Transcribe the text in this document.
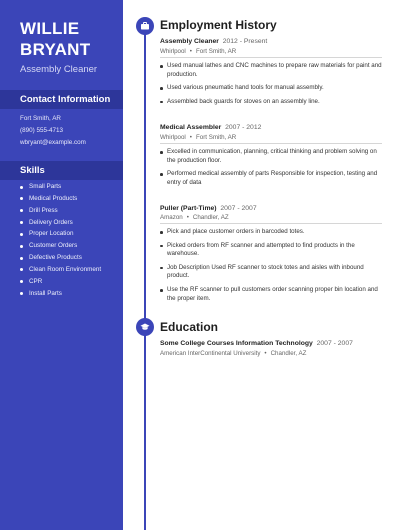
WILLIE
BRYANT
Assembly Cleaner
Contact Information
Fort Smith, AR
(890) 555-4713
wbryant@example.com
Skills
Small Parts
Medical Products
Drill Press
Delivery Orders
Proper Location
Customer Orders
Defective Products
Clean Room Environment
CPR
Install Parts
Employment History
Assembly Cleaner 2012 - Present
Whirlpool • Fort Smith, AR
Used manual lathes and CNC machines to prepare raw materials for paint and production.
Used various pneumatic hand tools for manual assembly.
Assembled back guards for stoves on an assembly line.
Medical Assembler 2007 - 2012
Whirlpool • Fort Smith, AR
Excelled in communication, planning, critical thinking and problem solving on the production floor.
Performed medical assembly of parts Responsible for inspection, testing and entry of data
Puller (Part-Time) 2007 - 2007
Amazon • Chandler, AZ
Pick and place customer orders in barcoded totes.
Picked orders from RF scanner and attempted to find products in the warehouse.
Job Description Used RF scanner to stock totes and aisles with inbound product.
Use the RF scanner to pull customers order scanning proper bin location and the proper item.
Education
Some College Courses Information Technology 2007 - 2007
American InterContinental University • Chandler, AZ
